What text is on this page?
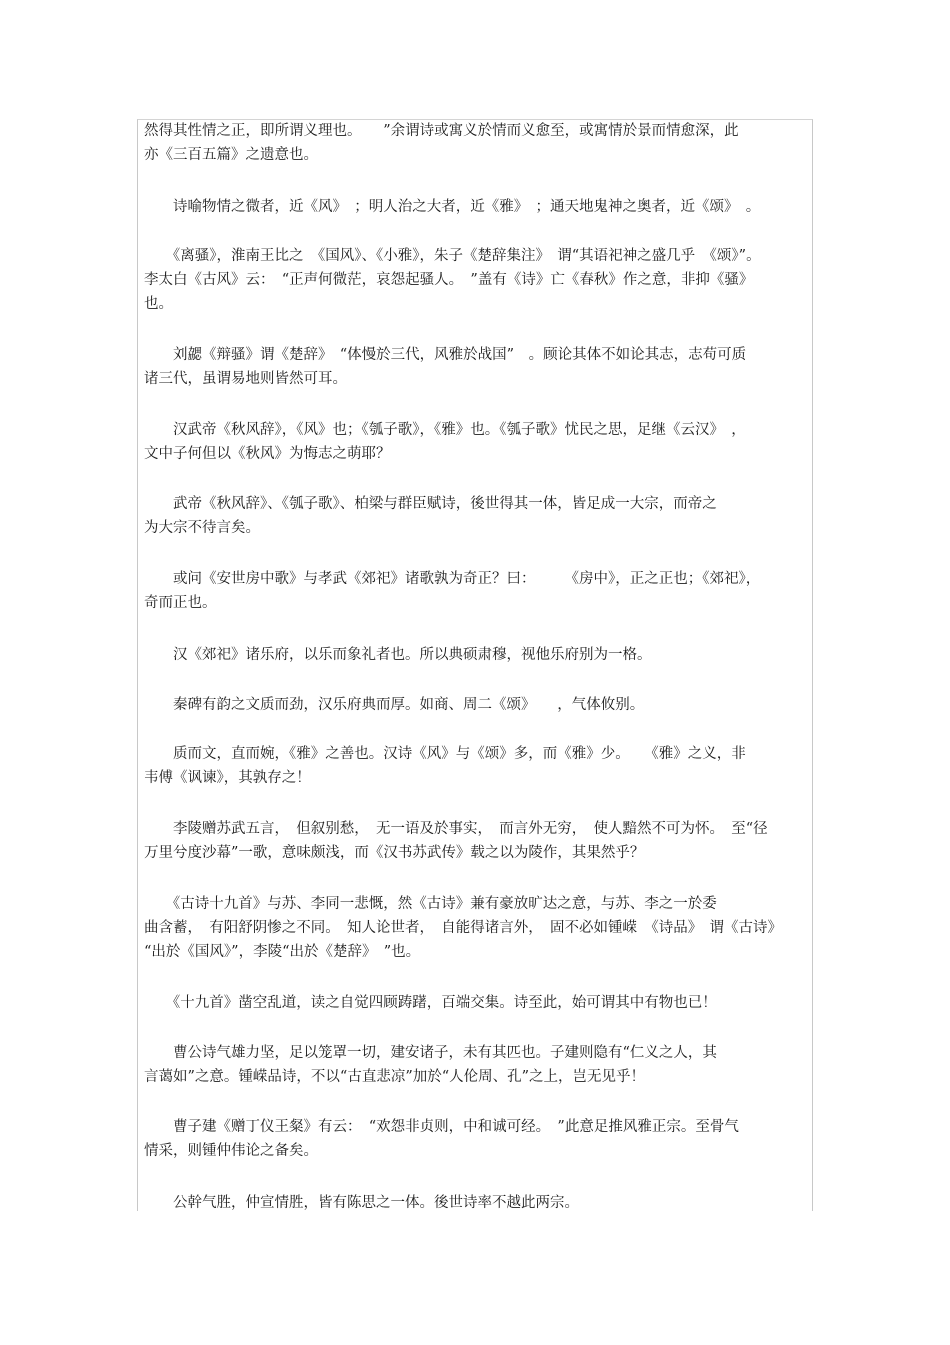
然得其性情之正，即所谓义理也。　　”余谓诗或寓义於情而义愈至，或寓情於景而情愈深，此
亦《三百五篇》之遗意也。
　　诗喻物情之微者，近《风》　；明人治之大者，近《雅》　；通天地鬼神之奥者，近《颂》　。
　　《离骚》，淮南王比之　《国风》、《小雅》，朱子《楚辞集注》　谓“其语祀神之盛几乎　《颂》”。
李太白《古风》云：　“正声何微茫，哀怨起骚人。　”盖有《诗》亡《春秋》作之意，非抑《骚》
也。
　　刘勰《辩骚》谓《楚辞》　“体慢於三代，风雅於战国”　。顾论其体不如论其志，志苟可质
诸三代，虽谓易地则皆然可耳。
　　汉武帝《秋风辞》，《风》也；《瓠子歌》，《雅》也。《瓠子歌》忧民之思，足继《云汉》　，
文中子何但以《秋风》为悔志之萌耶？
　　武帝《秋风辞》、《瓠子歌》、柏梁与群臣赋诗，後世得其一体，皆足成一大宗，而帝之
为大宗不待言矣。
　　或问《安世房中歌》与孝武《郊祀》诸歌孰为奇正？曰：　　　《房中》，正之正也；《郊祀》，
奇而正也。
　　汉《郊祀》诸乐府，以乐而象礼者也。所以典硕肃穆，视他乐府别为一格。
　　秦碑有韵之文质而劲，汉乐府典而厚。如商、周二《颂》　　，气体攸别。
　　质而文，直而婉，《雅》之善也。汉诗《风》与《颂》多，而《雅》少。　　《雅》之义，非
韦傅《讽谏》，其孰存之！
　　李陵赠苏武五言，　但叙别愁，　无一语及於事实，　而言外无穷，　使人黯然不可为怀。　至“径
万里兮度沙幕”一歌，意味颇浅，而《汉书苏武传》载之以为陵作，其果然乎？
　　《古诗十九首》与苏、李同一悲慨，然《古诗》兼有豪放旷达之意，与苏、李之一於委
曲含蓄，　有阳舒阴惨之不同。　知人论世者，　自能得诸言外，　固不必如锺嵘　《诗品》　谓《古诗》
“出於《国风》”，李陵“出於《楚辞》　”也。
　　《十九首》凿空乱道，读之自觉四顾踌躇，百端交集。诗至此，始可谓其中有物也已！
　　曹公诗气雄力坚，足以笼罩一切，建安诸子，未有其匹也。子建则隐有“仁义之人，其
言蔼如”之意。锺嵘品诗，不以“古直悲凉”加於“人伦周、孔”之上，岂无见乎！
　　曹子建《赠丁仪王粲》有云：　“欢怨非贞则，中和诚可经。　”此意足推风雅正宗。至骨气
情采，则锺仲伟论之备矣。
　　公幹气胜，仲宣情胜，皆有陈思之一体。後世诗率不越此两宗。
